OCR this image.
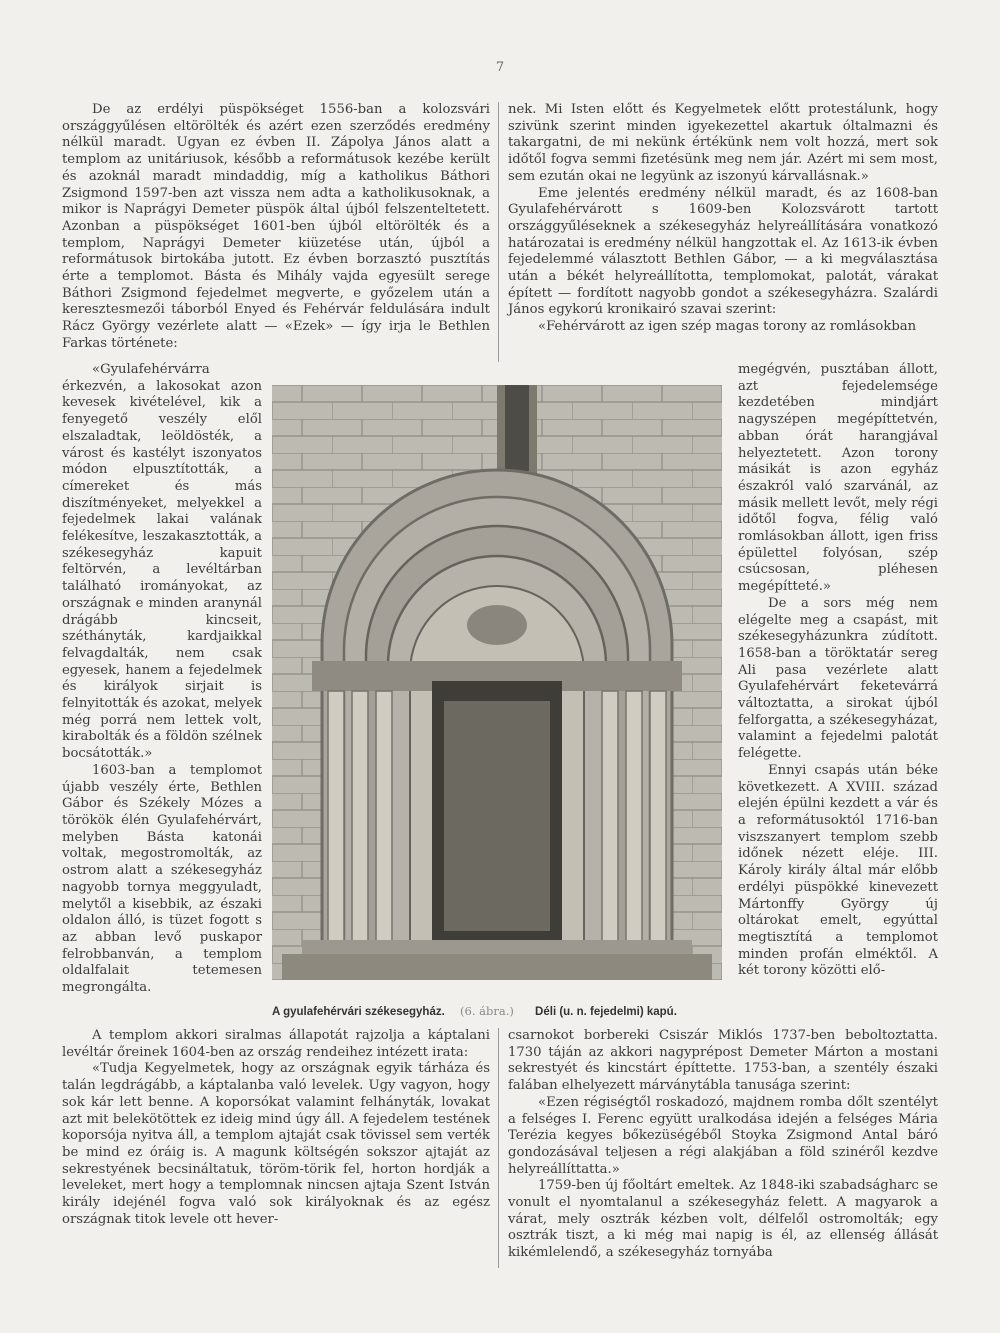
7

De az erdélyi püspökséget 1556-ban a kolozsvári országgyűlésen eltörölték és azért ezen szerződés eredmény nélkül maradt. Ugyan ez évben II. Zápolya János alatt a templom az unitáriusok, később a reformátusok kezébe került és azoknál maradt mindaddig, míg a katholikus Báthori Zsigmond 1597-ben azt vissza nem adta a katholikusoknak, a mikor is Naprágyi Demeter püspök által újból felszenteltetett. Azonban a püspökséget 1601-ben újból eltörölték és a templom, Naprágyi Demeter kiüzetése után, újból a reformátusok birtokába jutott. Ez évben borzasztó pusztítás érte a templomot. Básta és Mihály vajda egyesült serege Báthori Zsigmond fejedelmet megverte, e győzelem után a keresztesmezői táborból Enyed és Fehérvár feldulására indult Rácz György vezérlete alatt — «Ezek» — így irja le Bethlen Farkas története:

«Gyulafehérvárra érkezvén, a lakosokat azon kevesek kivételével, kik a fenyegető veszély elől elszaladtak, leöldösték, a várost és kastélyt iszonyatos módon elpusztították, a címereket és más diszítményeket, melyekkel a fejedelmek lakai valának felékesítve, leszakasztották, a székesegyház kapuit feltörvén, a levéltárban található irományokat, az országnak e minden aranynál drágább kincseit, széthányták, kardjaikkal felvagdalták, nem csak egyesek, hanem a fejedelmek és királyok sirjait is felnyitották és azokat, melyek még porrá nem lettek volt, kirabolták és a földön szélnek bocsátották.»

1603-ban a templomot újabb veszély érte, Bethlen Gábor és Székely Mózes a törökök élén Gyulafehérvárt, melyben Básta katonái voltak, megostromolták, az ostrom alatt a székesegyház nagyobb tornya meggyuladt, melytől a kisebbik, az északi oldalon álló, is tüzet fogott s az abban levő puskapor felrobbanván, a templom oldalfalait tetemesen megrongálta.

A templom akkori siralmas állapotát rajzolja a káptalani levéltár őreinek 1604-ben az ország rendeihez intézett irata:

«Tudja Kegyelmetek, hogy az országnak egyik tárháza és talán legdrágább, a káptalanba való levelek. Ugy vagyon, hogy sok kár lett benne. A koporsókat valamint felhányták, lovakat azt mit belekötöttek ez ideig mind úgy áll. A fejedelem testének koporsója nyitva áll, a templom ajtaját csak tövissel sem verték be mind ez óráig is. A magunk költségén sokszor ajtaját az sekrestyének becsináltatuk, töröm-törik fel, horton hordják a leveleket, mert hogy a templomnak nincsen ajtaja Szent István király idejénél fogva való sok királyoknak és az egész országnak titok levele ott hever-

nek. Mi Isten előtt és Kegyelmetek előtt protestálunk, hogy szivünk szerint minden igyekezettel akartuk óltalmazni és takargatni, de mi nekünk értékünk nem volt hozzá, mert sok időtől fogva semmi fizetésünk meg nem jár. Azért mi sem most, sem ezután okai ne legyünk az iszonyú kárvallásnak.»

Eme jelentés eredmény nélkül maradt, és az 1608-ban Gyulafehérvárott s 1609-ben Kolozsvárott tartott országgyűléseknek a székesegyház helyreállítására vonatkozó határozatai is eredmény nélkül hangzottak el. Az 1613-ik évben fejedelemmé választott Bethlen Gábor, — a ki megválasztása után a békét helyreállította, templomokat, palotát, várakat épített — fordított nagyobb gondot a székesegyházra. Szalárdi János egykorú kronikairó szavai szerint:

«Fehérvárott az igen szép magas torony az romlásokban

megégvén, pusztában állott, azt fejedelemsége kezdetében mindjárt nagyszépen megépíttetvén, abban órát harangjával helyeztetett. Azon torony másikát is azon egyház északról való szarvánál, az másik mellett levőt, mely régi időtől fogva, félig való romlásokban állott, igen friss épülettel folyósan, szép csúcsosan, pléhesen megépítteté.»

De a sors még nem elégelte meg a csapást, mit székesegyházunkra zúdított. 1658-ban a töröktatár sereg Ali pasa vezérlete alatt Gyulafehérvárt feketevárrá változtatta, a sirokat újból felforgatta, a székesegyházat, valamint a fejedelmi palotát felégette.

Ennyi csapás után béke következett. A XVIII. század elején épülni kezdett a vár és a reformátusoktól 1716-ban viszszanyert templom szebb időnek nézett eléje. III. Károly király által már előbb erdélyi püspökké kinevezett Mártonffy György új oltárokat emelt, egyúttal megtisztítá a templomot minden profán elméktől. A két torony közötti elő-

csarnokot borbereki Csiszár Miklós 1737-ben beboltoztatta. 1730 táján az akkori nagyprépost Demeter Márton a mostani sekrestyét és kincstárt építtette. 1753-ban, a szentély északi falában elhelyezett márványtábla tanusága szerint:

«Ezen régiségtől roskadozó, majdnem romba dőlt szentélyt a felséges I. Ferenc együtt uralkodása idején a felséges Mária Terézia kegyes bőkezüségéből Stoyka Zsigmond Antal báró gondozásával teljesen a régi alakjában a föld szinéről kezdve helyreállíttatta.»

1759-ben új főoltárt emeltek. Az 1848-iki szabadságharc se vonult el nyomtalanul a székesegyház felett. A magyarok a várat, mely osztrák kézben volt, délfelől ostromolták; egy osztrák tiszt, a ki még mai napig is él, az ellenség állását kikémlelendő, a székesegyház tornyába

A gyulafehérvári székesegyház. (6. ábra.) Déli (u. n. fejedelmi) kapú.
